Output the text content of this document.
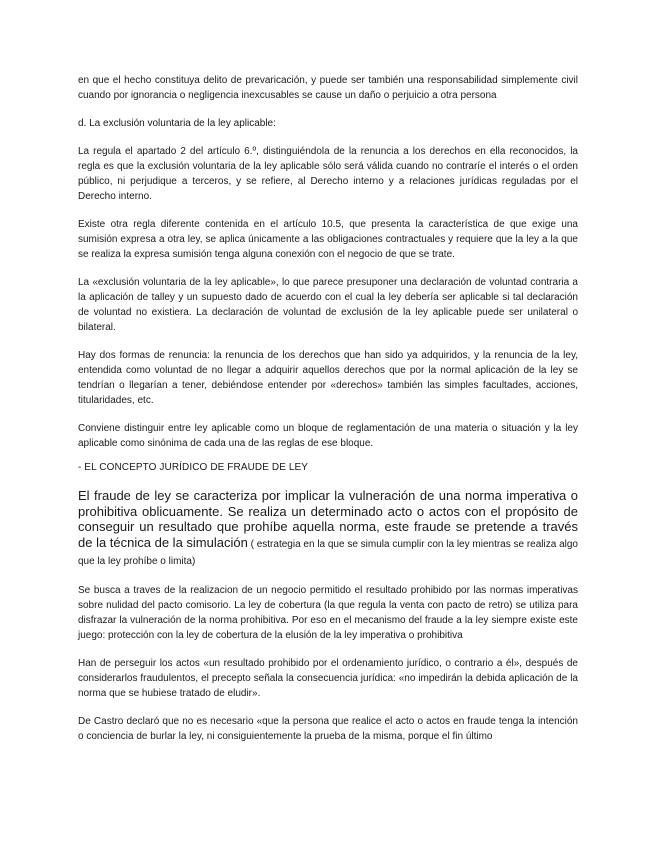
en que el hecho constituya delito de prevaricación, y puede ser también una responsabilidad simplemente civil cuando por ignorancia o negligencia inexcusables se cause un daño o perjuicio a otra persona

d. La exclusión voluntaria de la ley aplicable:

La regula el apartado 2 del artículo 6.º, distinguiéndola de la renuncia a los derechos en ella reconocidos, la regla es que la exclusión voluntaria de la ley aplicable sólo será válida cuando no contraríe el interés o el orden público, ni perjudique a terceros, y se refiere, al Derecho interno y a relaciones jurídicas reguladas por el Derecho interno.

Existe otra regla diferente contenida en el artículo 10.5, que presenta la característica de que exige una sumisión expresa a otra ley, se aplica únicamente a las obligaciones contractuales y requiere que la ley a la que se realiza la expresa sumisión tenga alguna conexión con el negocio de que se trate.

La «exclusión voluntaria de la ley aplicable», lo que parece presuponer una declaración de voluntad contraria a la aplicación de talley y un supuesto dado de acuerdo con el cual la ley debería ser aplicable si tal declaración de voluntad no existiera. La declaración de voluntad de exclusión de la ley aplicable puede ser unilateral o bilateral.

Hay dos formas de renuncia: la renuncia de los derechos que han sido ya adquiridos, y la renuncia de la ley, entendida como voluntad de no llegar a adquirir aquellos derechos que por la normal aplicación de la ley se tendrían o llegarían a tener, debiéndose entender por «derechos» también las simples facultades, acciones, titularidades, etc.

Conviene distinguir entre ley aplicable como un bloque de reglamentación de una materia o situación y la ley aplicable como sinónima de cada una de las reglas de ese bloque.

- EL CONCEPTO JURÍDICO DE FRAUDE DE LEY

El fraude de ley se caracteriza por implicar la vulneración de una norma imperativa o prohibitiva oblicuamente. Se realiza un determinado acto o actos con el propósito de conseguir un resultado que prohíbe aquella norma, este fraude se pretende a través de la técnica de la simulación ( estrategia en la que se simula cumplir con la ley mientras se realiza algo que la ley prohíbe o limita)

Se busca a traves de la realizacion de un negocio permitido el resultado prohibido por las normas imperativas sobre nulidad del pacto comisorio. La ley de cobertura (la que regula la venta con pacto de retro) se utiliza para disfrazar la vulneración de la norma prohibitiva. Por eso en el mecanismo del fraude a la ley siempre existe este juego: protección con la ley de cobertura de la elusión de la ley imperativa o prohibitiva

Han de perseguir los actos «un resultado prohibido por el ordenamiento jurídico, o contrario a él», después de considerarlos fraudulentos, el precepto señala la consecuencia jurídica: «no impedirán la debida aplicación de la norma que se hubiese tratado de eludir».

De Castro declaró que no es necesario «que la persona que realice el acto o actos en fraude tenga la intención o conciencia de burlar la ley, ni consiguientemente la prueba de la misma, porque el fin último
